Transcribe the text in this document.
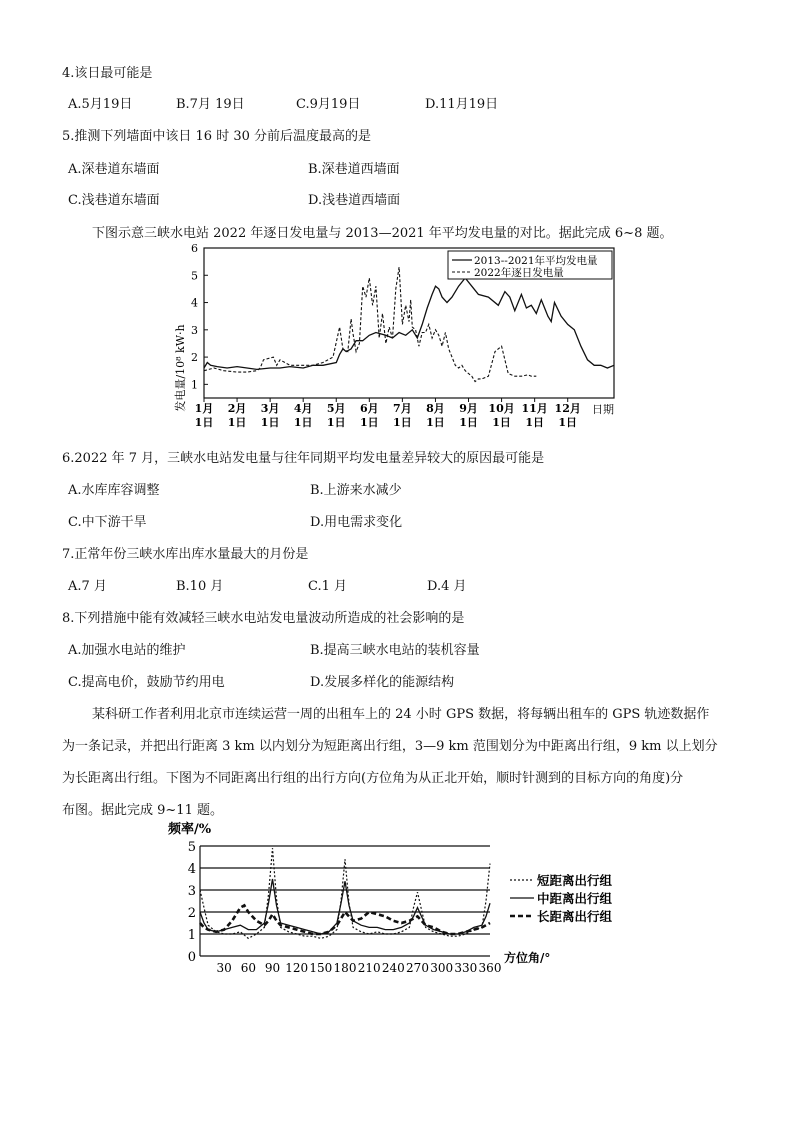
4.该日最可能是
A.5月19日	B.7月 19日	C.9月19日	D.11月19日
5.推测下列墙面中该日 16 时 30 分前后温度最高的是
A.深巷道东墙面	B.深巷道西墙面
C.浅巷道东墙面	D.浅巷道西墙面
下图示意三峡水电站 2022 年逐日发电量与 2013—2021 年平均发电量的对比。据此完成 6~8 题。
1
2
3
4
5
6
1月
1日
2月
1日
3月
1日
4月
1日
5月
1日
6月
1日
7月
1日
8月
1日
9月
1日
10月
1日
11月
1日
12月
1日
发电量/10⁸ kW·h	日期
2013--2021年平均发电量
2022年逐日发电量
6.2022 年 7 月，三峡水电站发电量与往年同期平均发电量差异较大的原因最可能是
A.水库库容调整	B.上游来水减少
C.中下游干旱	D.用电需求变化
7.正常年份三峡水库出库水量最大的月份是
A.7 月	B.10 月	C.1 月	D.4 月
8.下列措施中能有效减轻三峡水电站发电量波动所造成的社会影响的是
A.加强水电站的维护	B.提高三峡水电站的装机容量
C.提高电价，鼓励节约用电	D.发展多样化的能源结构
某科研工作者利用北京市连续运营一周的出租车上的 24 小时 GPS 数据，将每辆出租车的 GPS 轨迹数据作
为一条记录，并把出行距离 3 km 以内划分为短距离出行组，3—9 km 范围划分为中距离出行组，9 km 以上划分
为长距离出行组。下图为不同距离出行组的出行方向(方位角为从正北开始，顺时针测到的目标方向的角度)分
布图。据此完成 9~11 题。
0
1
2
3
4
5
30 60 90 120 150 180 210 240 270 300 330 360
频率/%
方位角/°
短距离出行组
中距离出行组
长距离出行组
